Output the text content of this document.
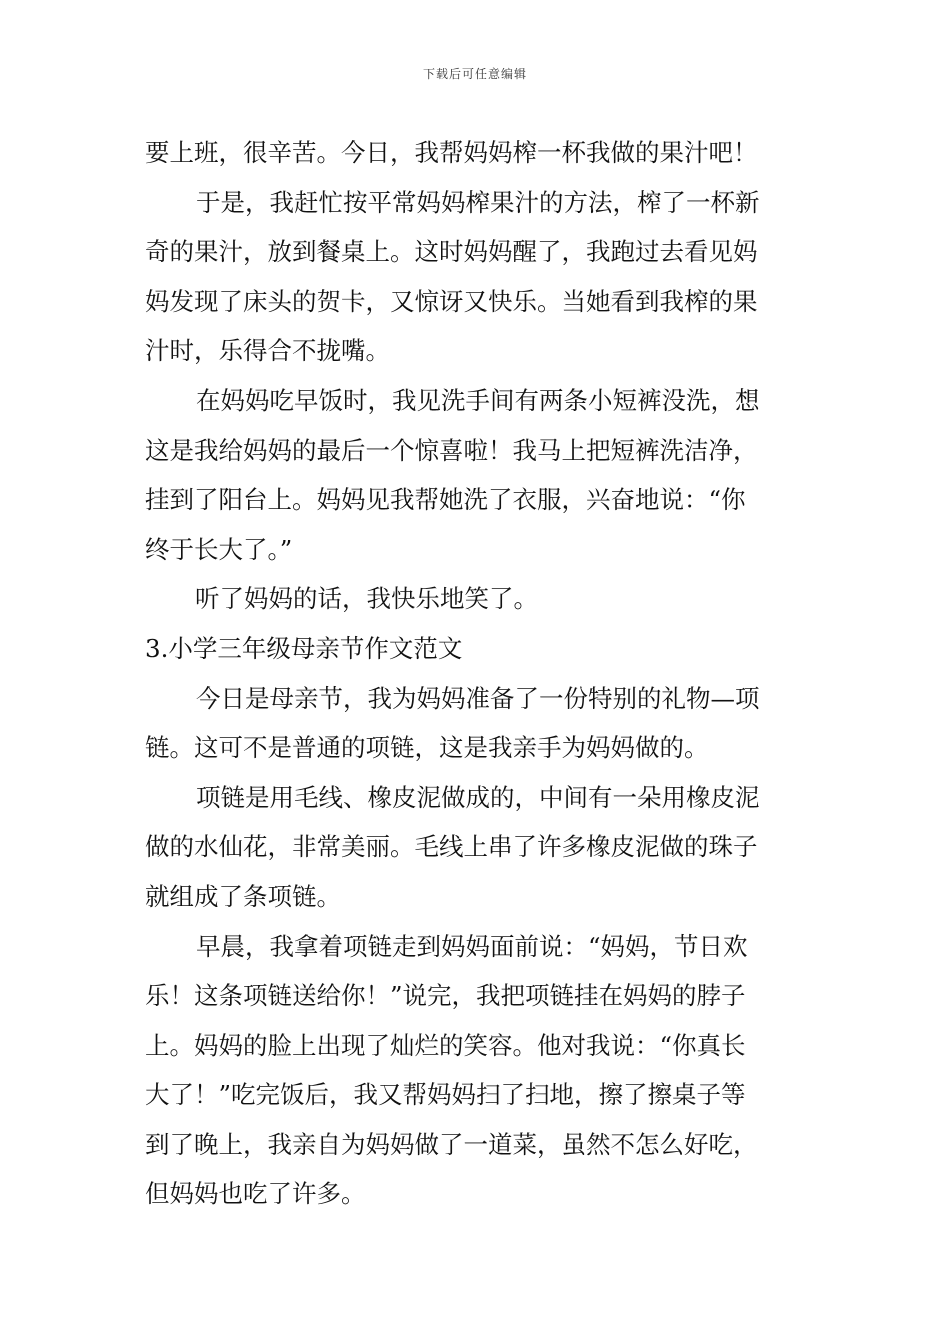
下载后可任意编辑
要上班，很辛苦。今日，我帮妈妈榨一杯我做的果汁吧！
于是，我赶忙按平常妈妈榨果汁的方法，榨了一杯新
奇的果汁，放到餐桌上。这时妈妈醒了，我跑过去看见妈
妈发现了床头的贺卡，又惊讶又快乐。当她看到我榨的果
汁时，乐得合不拢嘴。
在妈妈吃早饭时，我见洗手间有两条小短裤没洗，想
这是我给妈妈的最后一个惊喜啦！我马上把短裤洗洁净，
挂到了阳台上。妈妈见我帮她洗了衣服，兴奋地说：“你
终于长大了。”
听了妈妈的话，我快乐地笑了。
3.小学三年级母亲节作文范文
今日是母亲节，我为妈妈准备了一份特别的礼物—项
链。这可不是普通的项链，这是我亲手为妈妈做的。
项链是用毛线、橡皮泥做成的，中间有一朵用橡皮泥
做的水仙花，非常美丽。毛线上串了许多橡皮泥做的珠子
就组成了条项链。
早晨，我拿着项链走到妈妈面前说：“妈妈，节日欢
乐！这条项链送给你！”说完，我把项链挂在妈妈的脖子
上。妈妈的脸上出现了灿烂的笑容。他对我说：“你真长
大了！”吃完饭后，我又帮妈妈扫了扫地，擦了擦桌子等
到了晚上，我亲自为妈妈做了一道菜，虽然不怎么好吃，
但妈妈也吃了许多。
